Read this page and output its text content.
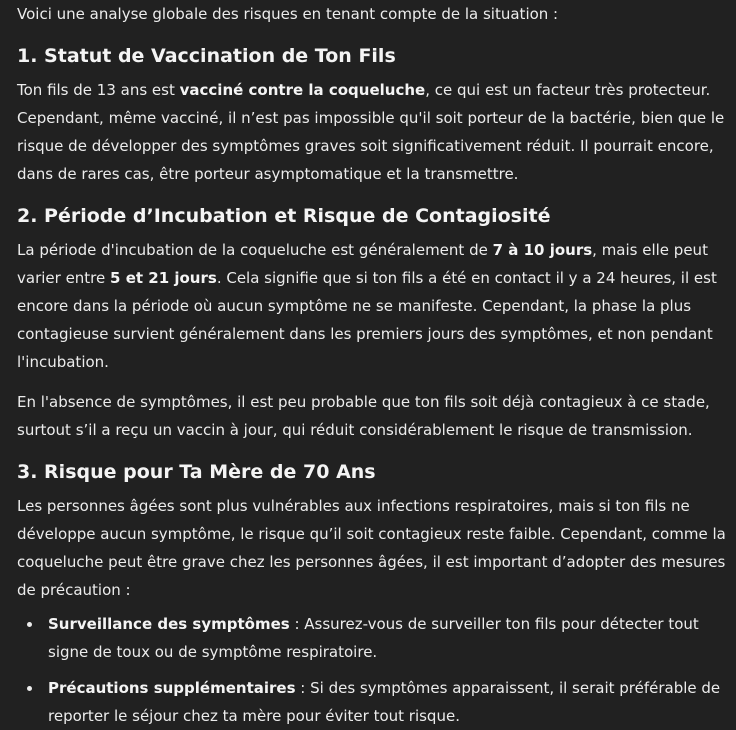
Voici une analyse globale des risques en tenant compte de la situation :

1. Statut de Vaccination de Ton Fils

Ton fils de 13 ans est vacciné contre la coqueluche, ce qui est un facteur très protecteur. Cependant, même vacciné, il n’est pas impossible qu'il soit porteur de la bactérie, bien que le risque de développer des symptômes graves soit significativement réduit. Il pourrait encore, dans de rares cas, être porteur asymptomatique et la transmettre.

2. Période d’Incubation et Risque de Contagiosité

La période d'incubation de la coqueluche est généralement de 7 à 10 jours, mais elle peut varier entre 5 et 21 jours. Cela signifie que si ton fils a été en contact il y a 24 heures, il est encore dans la période où aucun symptôme ne se manifeste. Cependant, la phase la plus contagieuse survient généralement dans les premiers jours des symptômes, et non pendant l'incubation.

En l'absence de symptômes, il est peu probable que ton fils soit déjà contagieux à ce stade, surtout s’il a reçu un vaccin à jour, qui réduit considérablement le risque de transmission.

3. Risque pour Ta Mère de 70 Ans

Les personnes âgées sont plus vulnérables aux infections respiratoires, mais si ton fils ne développe aucun symptôme, le risque qu’il soit contagieux reste faible. Cependant, comme la coqueluche peut être grave chez les personnes âgées, il est important d’adopter des mesures de précaution :

Surveillance des symptômes : Assurez-vous de surveiller ton fils pour détecter tout signe de toux ou de symptôme respiratoire.
Précautions supplémentaires : Si des symptômes apparaissent, il serait préférable de reporter le séjour chez ta mère pour éviter tout risque.
